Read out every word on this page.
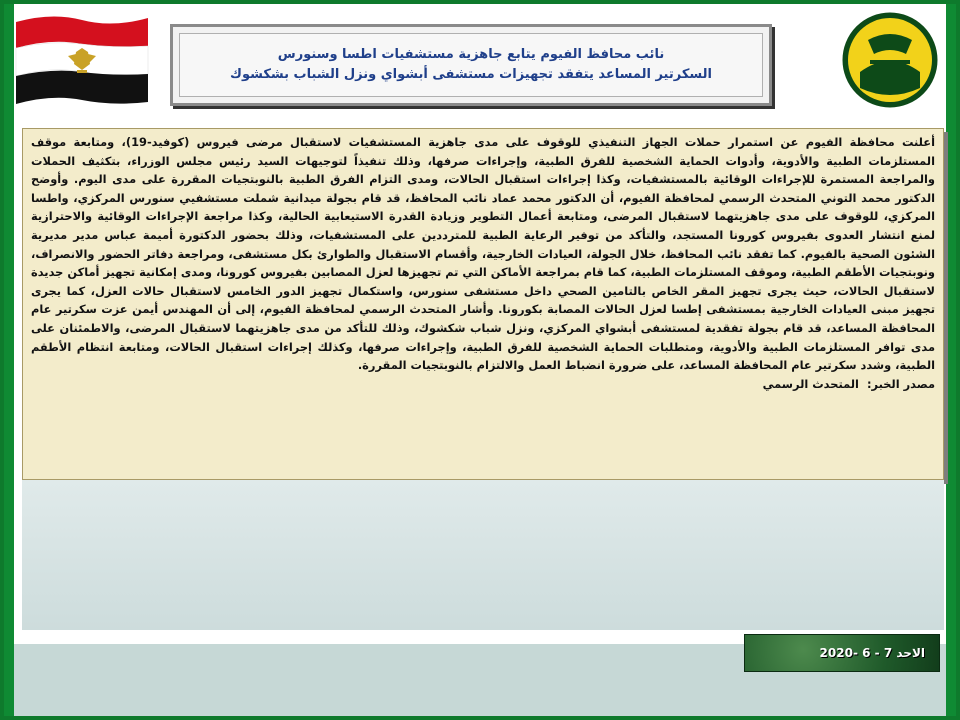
نائب محافظ الفيوم يتابع جاهزية مستشفيات اطسا وسنورس
السكرتير المساعد يتفقد تجهيزات مستشفى أبشواي ونزل الشباب بشكشوك
أعلنت محافظة الفيوم عن استمرار حملات الجهاز التنفيذي للوقوف على مدى جاهزية المستشفيات لاستقبال مرضى فيروس (كوفيد-19)، ومتابعة موقف المستلزمات الطبية والأدوية، وأدوات الحماية الشخصية للفرق الطبية، وإجراءات صرفها، وذلك تنفيذاً لتوجيهات السيد رئيس مجلس الوزراء، بتكثيف الحملات والمراجعة المستمرة للإجراءات الوقائية بالمستشفيات، وكذا إجراءات استقبال الحالات، ومدى التزام الفرق الطبية بالنوبتجيات المقررة على مدى اليوم. وأوضح الدكتور محمد التوني المتحدث الرسمي لمحافظة الفيوم، أن الدكتور محمد عماد نائب المحافظ، قد قام بجولة ميدانية شملت مستشفيي سنورس المركزي، واطسا المركزي، للوقوف على مدى جاهزيتهما لاستقبال المرضى، ومتابعة أعمال التطوير وزيادة القدرة الاستيعابية الحالية، وكذا مراجعة الإجراءات الوقائية والاحترازية لمنع انتشار العدوى بفيروس كورونا المستجد، والتأكد من توفير الرعاية الطبية للمترددين على المستشفيات، وذلك بحضور الدكتورة أميمة عباس مدير مديرية الشئون الصحية بالفيوم. كما تفقد نائب المحافظ، خلال الجولة، العيادات الخارجية، وأقسام الاستقبال والطوارئ بكل مستشفى، ومراجعة دفاتر الحضور والانصراف، ونوبتجيات الأطقم الطبية، وموقف المستلزمات الطبية، كما قام بمراجعة الأماكن التي تم تجهيزها لعزل المصابين بفيروس كورونا، ومدى إمكانية تجهيز أماكن جديدة لاستقبال الحالات، حيث يجرى تجهيز المقر الخاص بالتامين الصحي داخل مستشفى سنورس، واستكمال تجهيز الدور الخامس لاستقبال حالات العزل، كما يجرى تجهيز مبنى العيادات الخارجية بمستشفى إطسا لعزل الحالات المصابة بكورونا. وأشار المتحدث الرسمي لمحافظة الفيوم، إلى أن المهندس أيمن عزت سكرتير عام المحافظة المساعد، قد قام بجولة تفقدية لمستشفى أبشواي المركزي، ونزل شباب شكشوك، وذلك للتأكد من مدى جاهزيتهما لاستقبال المرضى، والاطمئنان على مدى توافر المستلزمات الطبية والأدوية، ومتطلبات الحماية الشخصية للفرق الطبية، وإجراءات صرفها، وكذلك إجراءات استقبال الحالات، ومتابعة انتظام الأطقم الطبية، وشدد سكرتير عام المحافظة المساعد، على ضرورة انضباط العمل والالتزام بالنوبتجيات المقررة.
مصدر الخبر:المتحدث الرسمي
الاحد 7 - 6 -2020
